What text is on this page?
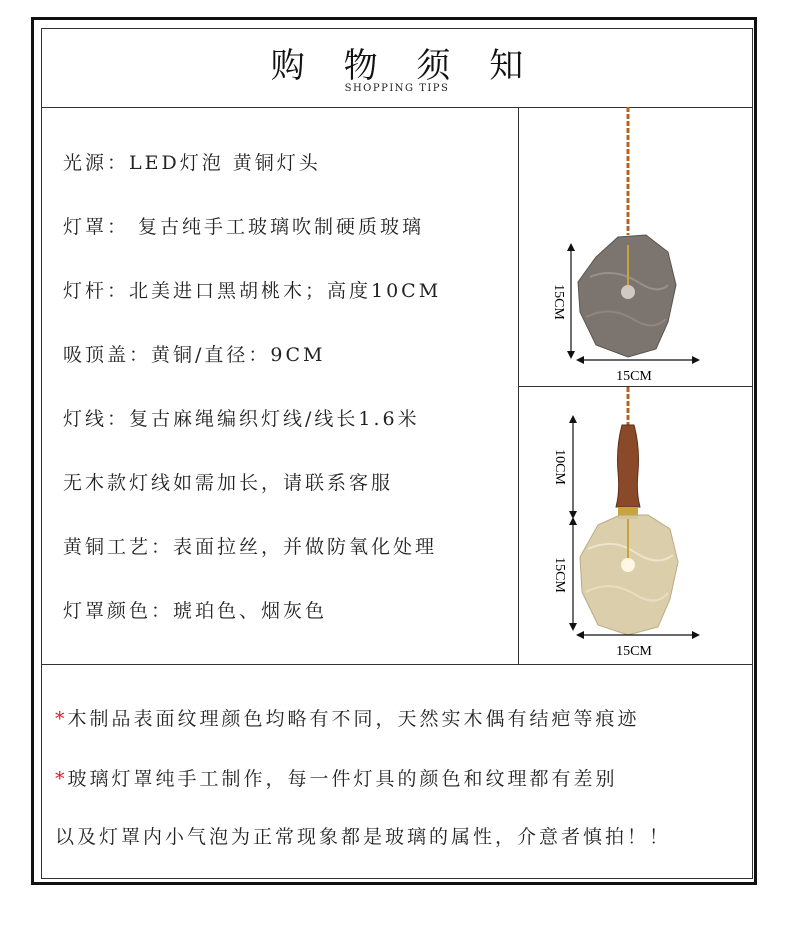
购 物 须 知
SHOPPING TIPS
光源：LED灯泡 黄铜灯头
灯罩： 复古纯手工玻璃吹制硬质玻璃
灯杆：北美进口黑胡桃木；高度10CM
吸顶盖：黄铜/直径：9CM
灯线：复古麻绳编织灯线/线长1.6米
无木款灯线如需加长，请联系客服
黄铜工艺：表面拉丝，并做防氧化处理
灯罩颜色：琥珀色、烟灰色
15CM
15CM
10CM
15CM
15CM
*木制品表面纹理颜色均略有不同，天然实木偶有结疤等痕迹
*玻璃灯罩纯手工制作，每一件灯具的颜色和纹理都有差别
以及灯罩内小气泡为正常现象都是玻璃的属性，介意者慎拍！！
